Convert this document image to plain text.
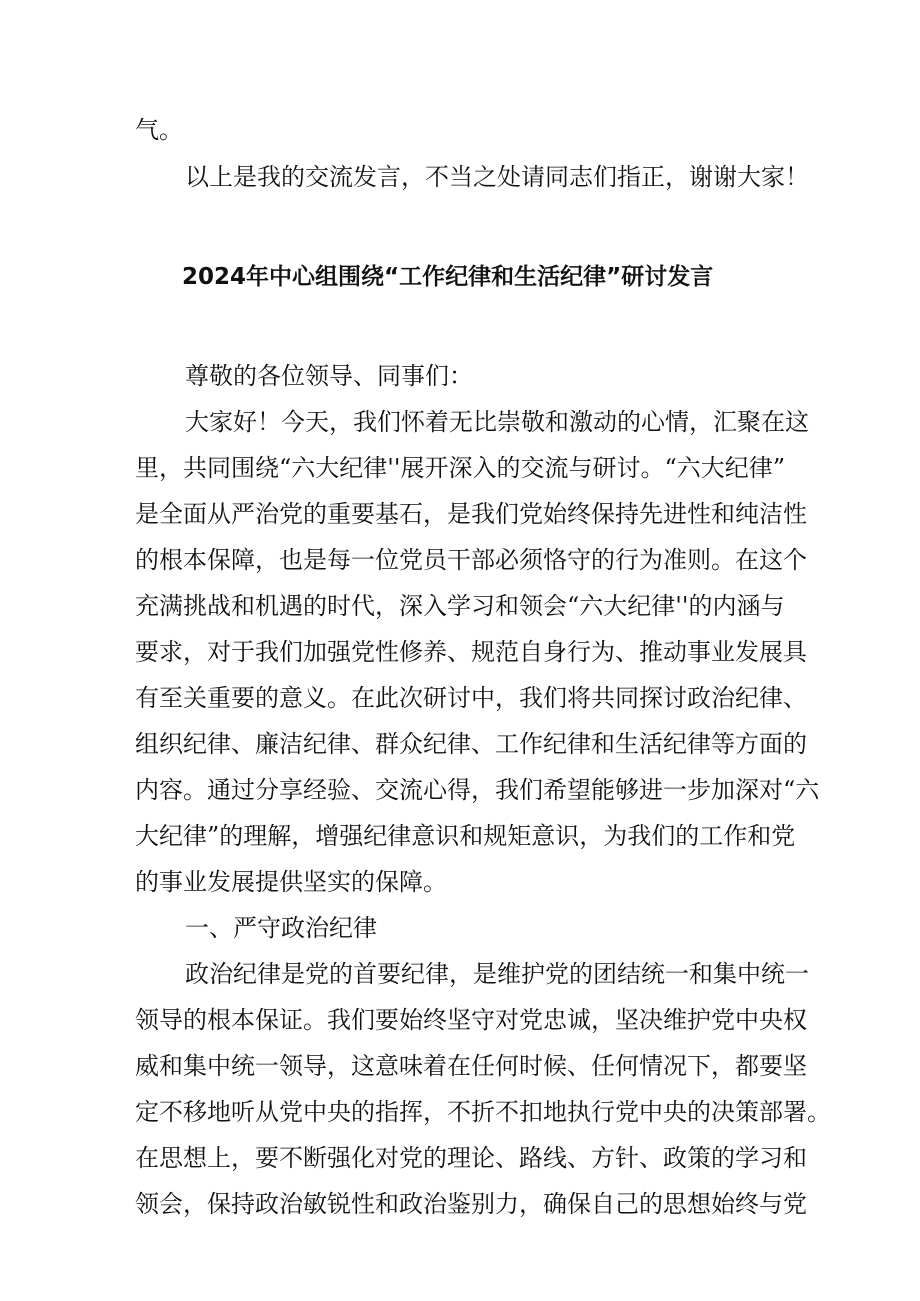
气。
以上是我的交流发言，不当之处请同志们指正，谢谢大家！
2024年中心组围绕“工作纪律和生活纪律”研讨发言
尊敬的各位领导、同事们：
大家好！今天，我们怀着无比崇敬和激动的心情，汇聚在这
里，共同围绕“六大纪律''展开深入的交流与研讨。“六大纪律”
是全面从严治党的重要基石，是我们党始终保持先进性和纯洁性
的根本保障，也是每一位党员干部必须恪守的行为准则。在这个
充满挑战和机遇的时代，深入学习和领会“六大纪律''的内涵与
要求，对于我们加强党性修养、规范自身行为、推动事业发展具
有至关重要的意义。在此次研讨中，我们将共同探讨政治纪律、
组织纪律、廉洁纪律、群众纪律、工作纪律和生活纪律等方面的
内容。通过分享经验、交流心得，我们希望能够进一步加深对“六
大纪律”的理解，增强纪律意识和规矩意识，为我们的工作和党
的事业发展提供坚实的保障。
一、严守政治纪律
政治纪律是党的首要纪律，是维护党的团结统一和集中统一
领导的根本保证。我们要始终坚守对党忠诚，坚决维护党中央权
威和集中统一领导，这意味着在任何时候、任何情况下，都要坚
定不移地听从党中央的指挥，不折不扣地执行党中央的决策部署。
在思想上，要不断强化对党的理论、路线、方针、政策的学习和
领会，保持政治敏锐性和政治鉴别力，确保自己的思想始终与党
